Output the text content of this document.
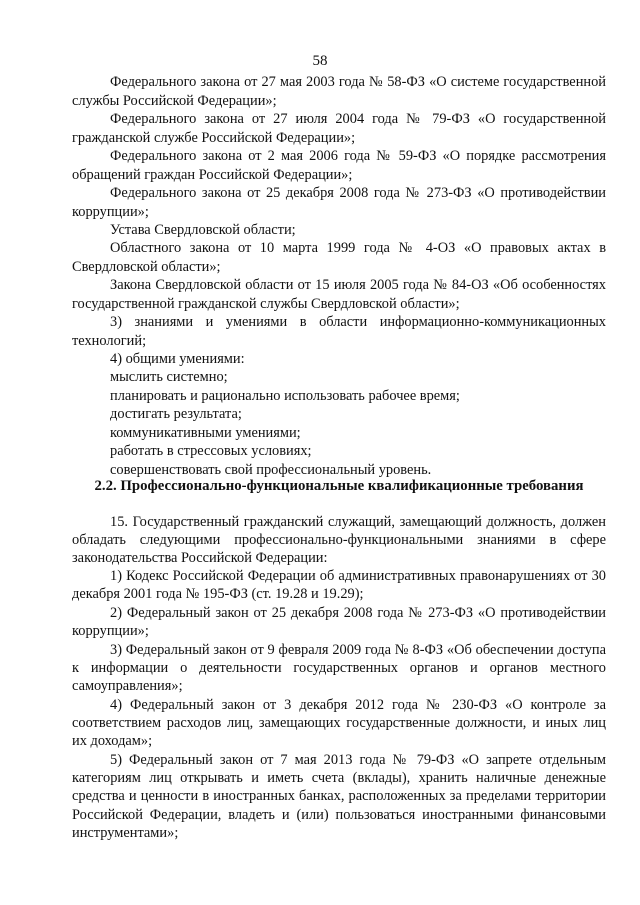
58
Федерального закона от 27 мая 2003 года № 58-ФЗ «О системе государственной службы Российской Федерации»;
Федерального закона от 27 июля 2004 года № 79-ФЗ «О государственной гражданской службе Российской Федерации»;
Федерального закона от 2 мая 2006 года № 59-ФЗ «О порядке рассмотрения обращений граждан Российской Федерации»;
Федерального закона от 25 декабря 2008 года № 273-ФЗ «О противодействии коррупции»;
Устава Свердловской области;
Областного закона от 10 марта 1999 года № 4-ОЗ «О правовых актах в Свердловской области»;
Закона Свердловской области от 15 июля 2005 года № 84-ОЗ «Об особенностях государственной гражданской службы Свердловской области»;
3) знаниями и умениями в области информационно-коммуникационных технологий;
4) общими умениями:
мыслить системно;
планировать и рационально использовать рабочее время;
достигать результата;
коммуникативными умениями;
работать в стрессовых условиях;
совершенствовать свой профессиональный уровень.
2.2. Профессионально-функциональные квалификационные требования
15. Государственный гражданский служащий, замещающий должность, должен обладать следующими профессионально-функциональными знаниями в сфере законодательства Российской Федерации:
1) Кодекс Российской Федерации об административных правонарушениях от 30 декабря 2001 года № 195-ФЗ (ст. 19.28 и 19.29);
2) Федеральный закон от 25 декабря 2008 года № 273-ФЗ «О противодействии коррупции»;
3) Федеральный закон от 9 февраля 2009 года № 8-ФЗ «Об обеспечении доступа к информации о деятельности государственных органов и органов местного самоуправления»;
4) Федеральный закон от 3 декабря 2012 года № 230-ФЗ «О контроле за соответствием расходов лиц, замещающих государственные должности, и иных лиц их доходам»;
5) Федеральный закон от 7 мая 2013 года № 79-ФЗ «О запрете отдельным категориям лиц открывать и иметь счета (вклады), хранить наличные денежные средства и ценности в иностранных банках, расположенных за пределами территории Российской Федерации, владеть и (или) пользоваться иностранными финансовыми инструментами»;
